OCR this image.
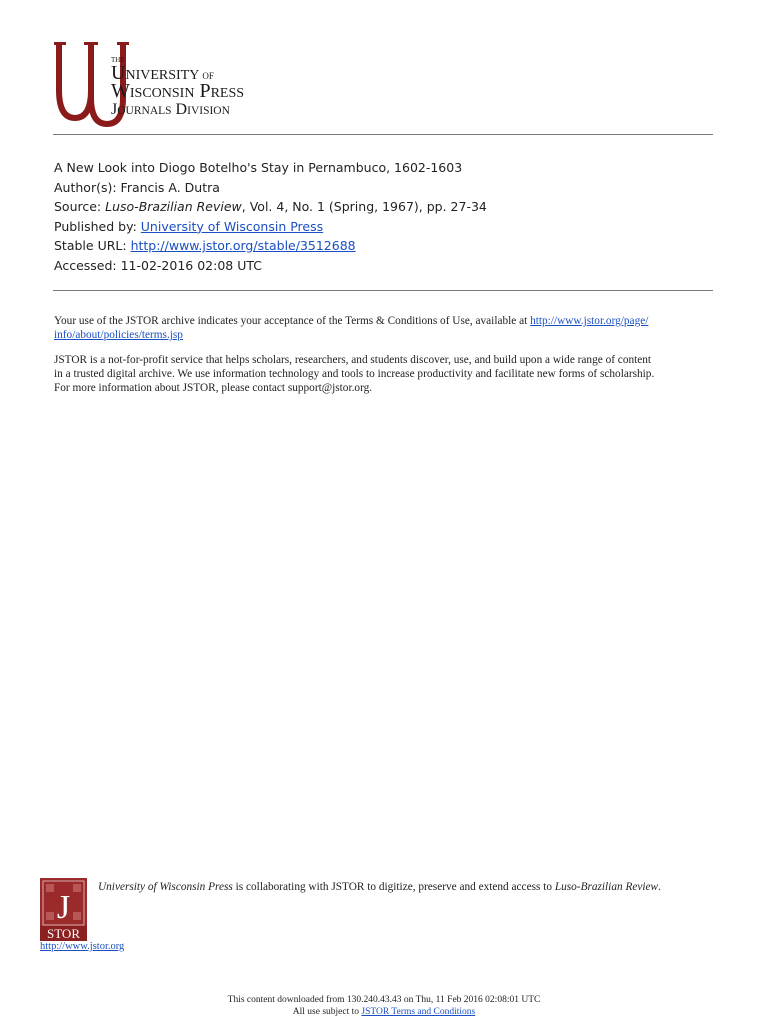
THE
UNIVERSITY OF
WISCONSIN PRESS
JOURNALS DIVISION
A New Look into Diogo Botelho's Stay in Pernambuco, 1602-1603
Author(s): Francis A. Dutra
Source: Luso-Brazilian Review, Vol. 4, No. 1 (Spring, 1967), pp. 27-34
Published by: University of Wisconsin Press
Stable URL: http://www.jstor.org/stable/3512688
Accessed: 11-02-2016 02:08 UTC

Your use of the JSTOR archive indicates your acceptance of the Terms & Conditions of Use, available at http://www.jstor.org/page/
info/about/policies/terms.jsp

JSTOR is a not-for-profit service that helps scholars, researchers, and students discover, use, and build upon a wide range of content
in a trusted digital archive. We use information technology and tools to increase productivity and facilitate new forms of scholarship.
For more information about JSTOR, please contact support@jstor.org.

J
STOR
http://www.jstor.org
University of Wisconsin Press is collaborating with JSTOR to digitize, preserve and extend access to Luso-Brazilian Review.
This content downloaded from 130.240.43.43 on Thu, 11 Feb 2016 02:08:01 UTC
All use subject to JSTOR Terms and Conditions
